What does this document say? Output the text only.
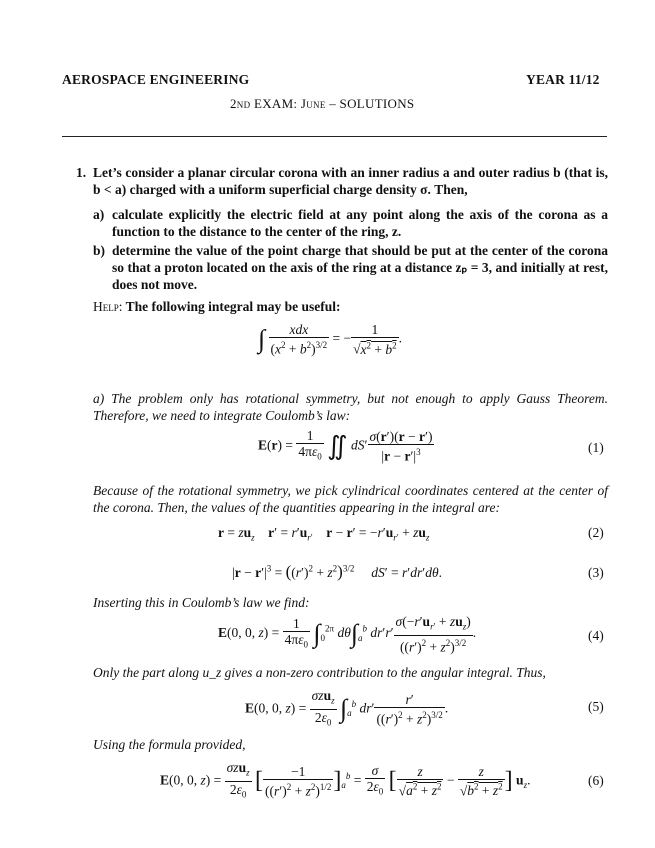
AEROSPACE ENGINEERING	YEAR 11/12
2nd EXAM: June – SOLUTIONS
1. Let’s consider a planar circular corona with an inner radius a and outer radius b (that is, b < a) charged with a uniform superficial charge density σ. Then,
a) calculate explicitly the electric field at any point along the axis of the corona as a function to the distance to the center of the ring, z.
b) determine the value of the point charge that should be put at the center of the corona so that a proton located on the axis of the ring at a distance zₚ = 3, and initially at rest, does not move.
Help: The following integral may be useful:
∫ $\frac{\text{xdx}}{(x^2 + b^2)^{3/2}}$ = − $\frac{1}{√x^2 + b^2}$ .
a) The problem only has rotational symmetry, but not enough to apply Gauss Theorem. Therefore, we need to integrate Coulomb’s law:
$E(r) = \frac{1}{4\pi\varepsilon_0}$ ∬ $dS' \frac{\sigma(r')(r - r')}{|r - r'|^3}$	(1)
Because of the rotational symmetry, we pick cylindrical coordinates centered at the center of the corona. Then, the values of the quantities appearing in the integral are:
$r = zu_z$ $r' = r'u_{r'}$ $r - r' = -r'u_{r'} + zu_z$	(2)
$|r - r'|^3 = ((r')^2 + z^2)^{3/2}$ dS′ = r′dr′dθ.	(3)
Inserting this in Coulomb’s law we find:
E(0, 0, $z) = \frac{1}{4\pi\varepsilon_0} \int_0^{2\pi}$ $d\theta\int_a^b$ $dr'r' \frac{\sigma(-r'u_{r'} + zu_z)}{((r')^2 + z^2)^{3/2}}$ .	(4)
Only the part along u_z gives a non-zero contribution to the angular integral. Thus,
E(0, 0, $z) = \frac{\sigma zu_z}{2\varepsilon_0} \int_a^b$ $dr' \frac{r'}{((r')^2 + z^2)^{3/2}}$ .	(5)
Using the formula provided,
E(0, 0, $z) = \frac{\sigma zu_z}{2\varepsilon_0}$ [ $\frac{-1}{((r')^2 + z^2)^{1/2}} ]_a^b = \frac{\sigma}{2\varepsilon_0}$ [ $\frac{z}{√a^2 + z^2} - \frac{z}{√b^2 + z^2}$ ] $u_z$.	(6)
